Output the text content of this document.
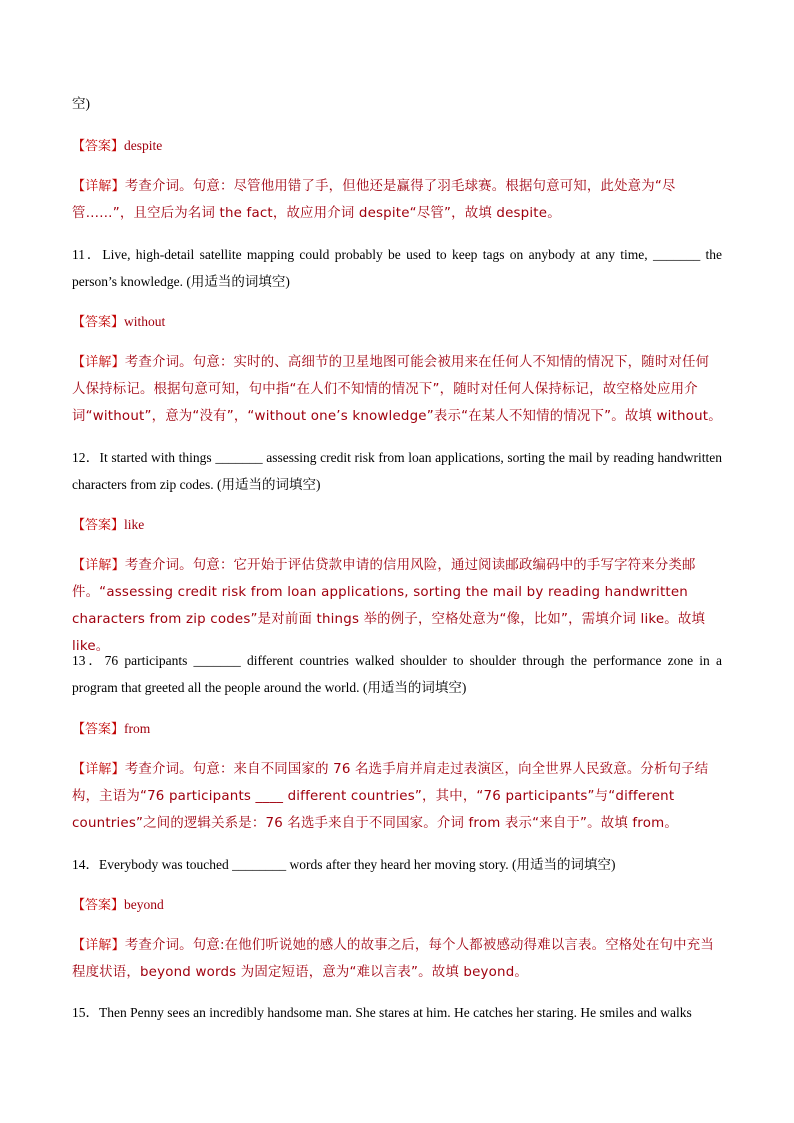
空)
【答案】despite
【详解】考查介词。句意：尽管他用错了手，但他还是赢得了羽毛球赛。根据句意可知，此处意为“尽管……”，且空后为名词 the fact，故应用介词 despite“尽管”，故填 despite。
11．Live, high-detail satellite mapping could probably be used to keep tags on anybody at any time, _______ the person’s knowledge. (用适当的词填空)
【答案】without
【详解】考查介词。句意：实时的、高细节的卫星地图可能会被用来在任何人不知情的情况下，随时对任何人保持标记。根据句意可知，句中指“在人们不知情的情况下”，随时对任何人保持标记，故空格处应用介词“without”，意为“没有”，“without one’s knowledge”表示“在某人不知情的情况下”。故填 without。
12．It started with things _______ assessing credit risk from loan applications, sorting the mail by reading handwritten characters from zip codes. (用适当的词填空)
【答案】like
【详解】考查介词。句意：它开始于评估贷款申请的信用风险，通过阅读邮政编码中的手写字符来分类邮件。“assessing credit risk from loan applications, sorting the mail by reading handwritten characters from zip codes”是对前面 things 举的例子，空格处意为“像，比如”，需填介词 like。故填 like。
13．76 participants _______ different countries walked shoulder to shoulder through the performance zone in a program that greeted all the people around the world. (用适当的词填空)
【答案】from
【详解】考查介词。句意：来自不同国家的 76 名选手肩并肩走过表演区，向全世界人民致意。分析句子结构，主语为“76 participants ____ different countries”，其中，“76 participants”与“different countries”之间的逻辑关系是：76 名选手来自于不同国家。介词 from 表示“来自于”。故填 from。
14．Everybody was touched ________ words after they heard her moving story. (用适当的词填空)
【答案】beyond
【详解】考查介词。句意:在他们听说她的感人的故事之后，每个人都被感动得难以言表。空格处在句中充当程度状语，beyond words 为固定短语，意为“难以言表”。故填 beyond。
15．Then Penny sees an incredibly handsome man. She stares at him. He catches her staring. He smiles and walks
